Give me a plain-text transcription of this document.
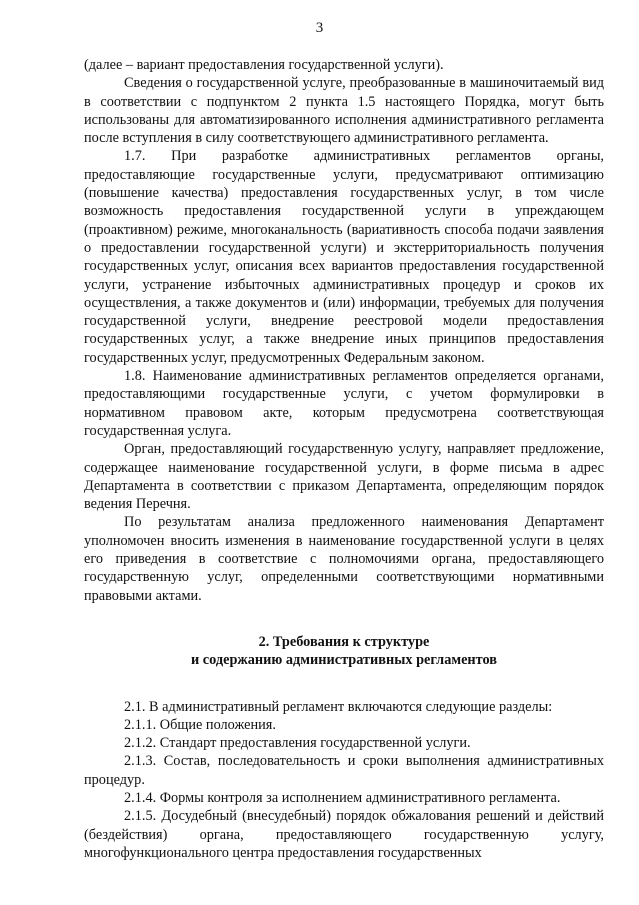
3

(далее – вариант предоставления государственной услуги).

Сведения о государственной услуге, преобразованные в машиночитаемый вид в соответствии с подпунктом 2 пункта 1.5 настоящего Порядка, могут быть использованы для автоматизированного исполнения административного регламента после вступления в силу соответствующего административного регламента.

1.7. При разработке административных регламентов органы, предоставляющие государственные услуги, предусматривают оптимизацию (повышение качества) предоставления государственных услуг, в том числе возможность предоставления государственной услуги в упреждающем (проактивном) режиме, многоканальность (вариативность способа подачи заявления о предоставлении государственной услуги) и экстерриториальность получения государственных услуг, описания всех вариантов предоставления государственной услуги, устранение избыточных административных процедур и сроков их осуществления, а также документов и (или) информации, требуемых для получения государственной услуги, внедрение реестровой модели предоставления государственных услуг, а также внедрение иных принципов предоставления государственных услуг, предусмотренных Федеральным законом.

1.8. Наименование административных регламентов определяется органами, предоставляющими государственные услуги, с учетом формулировки в нормативном правовом акте, которым предусмотрена соответствующая государственная услуга.

Орган, предоставляющий государственную услугу, направляет предложение, содержащее наименование государственной услуги, в форме письма в адрес Департамента в соответствии с приказом Департамента, определяющим порядок ведения Перечня.

По результатам анализа предложенного наименования Департамент уполномочен вносить изменения в наименование государственной услуги в целях его приведения в соответствие с полномочиями органа, предоставляющего государственную услуг, определенными соответствующими нормативными правовыми актами.

2. Требования к структуре
и содержанию административных регламентов

2.1. В административный регламент включаются следующие разделы:

2.1.1. Общие положения.

2.1.2. Стандарт предоставления государственной услуги.

2.1.3. Состав, последовательность и сроки выполнения административных процедур.

2.1.4. Формы контроля за исполнением административного регламента.

2.1.5. Досудебный (внесудебный) порядок обжалования решений и действий (бездействия) органа, предоставляющего государственную услугу, многофункционального центра предоставления государственных
